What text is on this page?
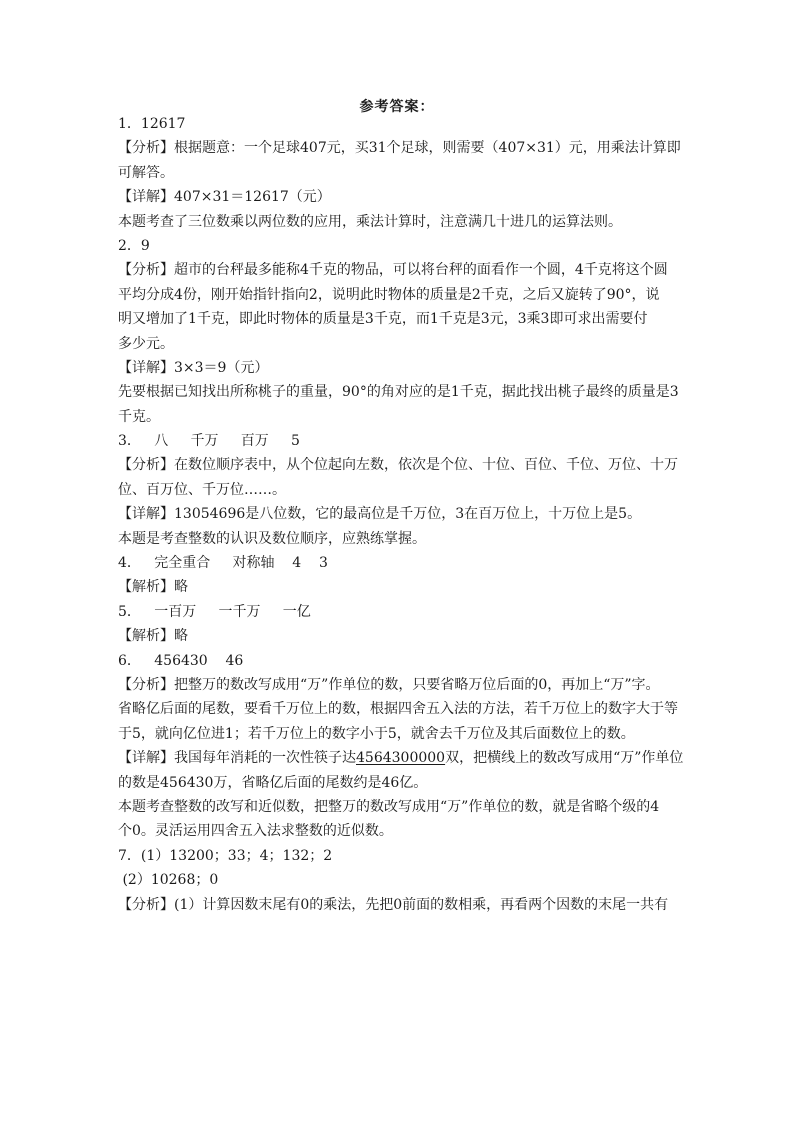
参考答案：
1．12617
【分析】根据题意：一个足球407元，买31个足球，则需要（407×31）元，用乘法计算即
可解答。
【详解】407×31＝12617（元）
本题考查了三位数乘以两位数的应用，乘法计算时，注意满几十进几的运算法则。
2．9
【分析】超市的台秤最多能称4千克的物品，可以将台秤的面看作一个圆，4千克将这个圆
平均分成4份，刚开始指针指向2，说明此时物体的质量是2千克，之后又旋转了90°，说
明又增加了1千克，即此时物体的质量是3千克，而1千克是3元，3乘3即可求出需要付
多少元。
【详解】3×3＝9（元）
先要根据已知找出所称桃子的重量，90°的角对应的是1千克，据此找出桃子最终的质量是3
千克。
3．   八     千万     百万     5
【分析】在数位顺序表中，从个位起向左数，依次是个位、十位、百位、千位、万位、十万
位、百万位、千万位……。
【详解】13054696是八位数，它的最高位是千万位，3在百万位上，十万位上是5。
本题是考查整数的认识及数位顺序，应熟练掌握。
4．   完全重合     对称轴    4    3
【解析】略
5．   一百万     一千万     一亿
【解析】略
6．   456430    46
【分析】把整万的数改写成用“万”作单位的数，只要省略万位后面的0，再加上“万”字。
省略亿后面的尾数，要看千万位上的数，根据四舍五入法的方法，若千万位上的数字大于等
于5，就向亿位进1；若千万位上的数字小于5，就舍去千万位及其后面数位上的数。
【详解】我国每年消耗的一次性筷子达4564300000双，把横线上的数改写成用“万”作单位
的数是456430万，省略亿后面的尾数约是46亿。
本题考查整数的改写和近似数，把整万的数改写成用“万”作单位的数，就是省略个级的4
个0。灵活运用四舍五入法求整数的近似数。
7．(1）13200；33；4；132；2
(2）10268；0
【分析】(1）计算因数末尾有0的乘法，先把0前面的数相乘，再看两个因数的末尾一共有
